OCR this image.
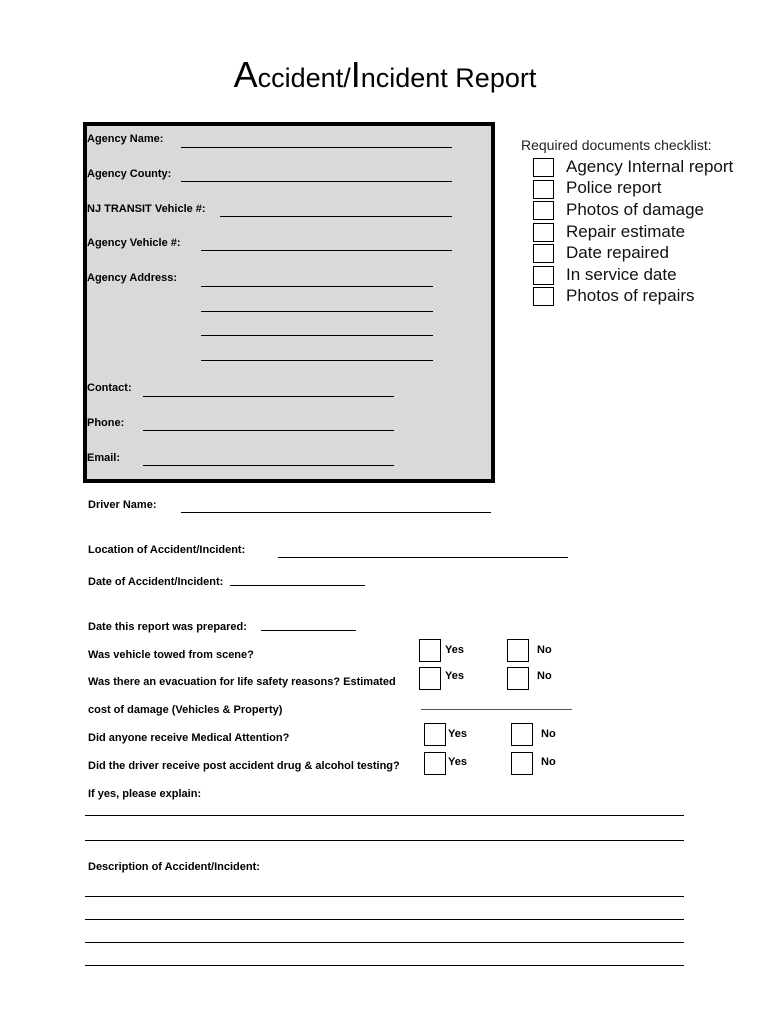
Accident/Incident Report
Agency Name:
Agency County:
NJ TRANSIT Vehicle #:
Agency Vehicle #:
Agency Address:
Contact:
Phone:
Email:
Required documents checklist:
Agency Internal report
Police report
Photos of damage
Repair estimate
Date repaired
In service date
Photos of repairs
Driver Name:
Location of Accident/Incident:
Date of Accident/Incident:
Date this report was prepared:
Was vehicle towed from scene?	Yes	No
Was there an evacuation for life safety reasons? Estimated	Yes	No
cost of damage (Vehicles & Property)
Did anyone receive Medical Attention?	Yes	No
Did the driver receive post accident drug & alcohol testing?	Yes	No
If yes, please explain:
Description of Accident/Incident:
